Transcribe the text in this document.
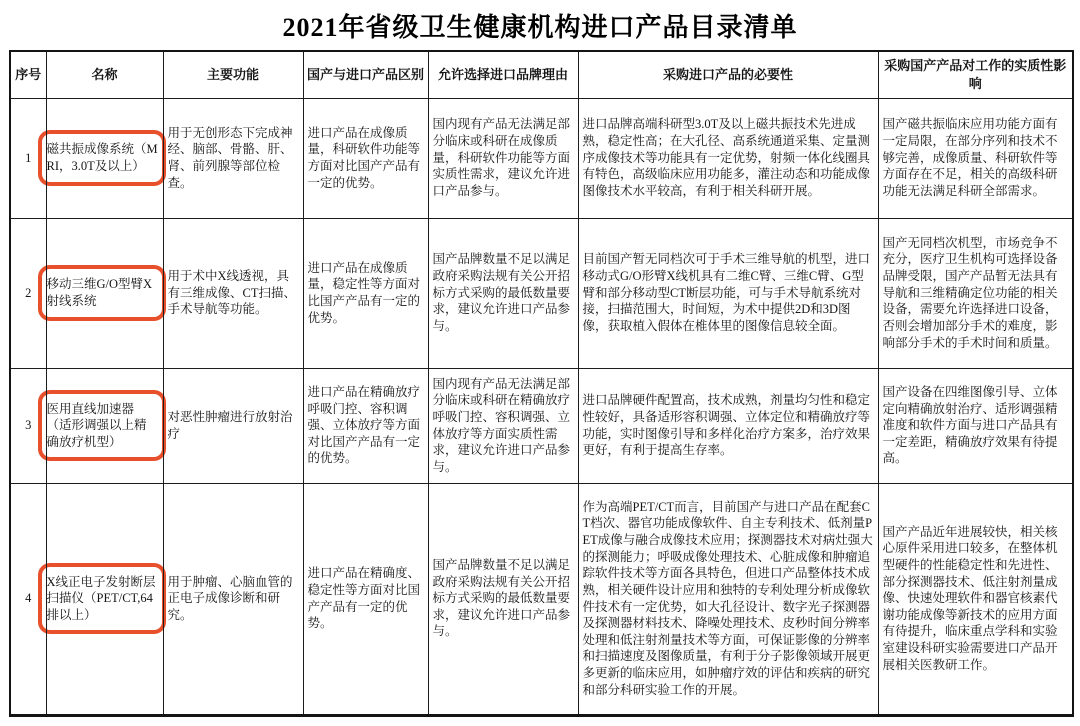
2021年省级卫生健康机构进口产品目录清单
序号	名称	主要功能	国产与进口产品区别	允许选择进口品牌理由	采购进口产品的必要性	采购国产产品对工作的实质性影响
1	磁共振成像系统（MRI，3.0T及以上）	用于无创形态下完成神经、脑部、骨骼、肝、肾、前列腺等部位检查。	进口产品在成像质量，科研软件功能等方面对比国产产品有一定的优势。	国内现有产品无法满足部分临床或科研在成像质量，科研软件功能等方面实质性需求，建议允许进口产品参与。	进口品牌高端科研型3.0T及以上磁共振技术先进成熟，稳定性高；在大孔径、高系统通道采集、定量测序成像技术等功能具有一定优势，射频一体化线圈具有特色，高级临床应用功能多，灌注动态和功能成像图像技术水平较高，有利于相关科研开展。	国产磁共振临床应用功能方面有一定局限，在部分序列和技术不够完善，成像质量、科研软件等方面存在不足，相关的高级科研功能无法满足科研全部需求。
2	移动三维G/O型臂X射线系统	用于术中X线透视，具有三维成像、CT扫描、手术导航等功能。	进口产品在成像质量，稳定性等方面对比国产产品有一定的优势。	国产品牌数量不足以满足政府采购法规有关公开招标方式采购的最低数量要求，建议允许进口产品参与。	目前国产暂无同档次可于手术三维导航的机型，进口移动式G/O形臂X线机具有二维C臂、三维C臂、G型臂和部分移动型CT断层功能，可与手术导航系统对接，扫描范围大，时间短，为术中提供2D和3D图像，获取植入假体在椎体里的图像信息较全面。	国产无同档次机型，市场竞争不充分，医疗卫生机构可选择设备品牌受限，国产产品暂无法具有导航和三维精确定位功能的相关设备，需要允许选择进口设备，否则会增加部分手术的难度，影响部分手术的手术时间和质量。
3	医用直线加速器（适形调强以上精确放疗机型）	对恶性肿瘤进行放射治疗	进口产品在精确放疗呼吸门控、容积调强、立体放疗等方面对比国产产品有一定的优势。	国内现有产品无法满足部分临床或科研在精确放疗呼吸门控、容积调强、立体放疗等方面实质性需求，建议允许进口产品参与。	进口品牌硬件配置高，技术成熟，剂量均匀性和稳定性较好，具备适形容积调强、立体定位和精确放疗等功能，实时图像引导和多样化治疗方案多，治疗效果更好，有利于提高生存率。	国产设备在四维图像引导、立体定向精确放射治疗、适形调强精准度和软件方面与进口产品具有一定差距，精确放疗效果有待提高。
4	X线正电子发射断层扫描仪（PET/CT,64排以上）	用于肿瘤、心脑血管的正电子成像诊断和研究。	进口产品在精确度、稳定性等方面对比国产产品有一定的优势。	国产品牌数量不足以满足政府采购法规有关公开招标方式采购的最低数量要求，建议允许进口产品参与。	作为高端PET/CT而言，目前国产与进口产品在配套CT档次、器官功能成像软件、自主专利技术、低剂量PET成像与融合成像技术应用；探测器技术对病灶强大的探测能力；呼吸成像处理技术、心脏成像和肿瘤追踪软件技术等方面各具特色，但进口产品整体技术成熟，相关硬件设计应用和独特的专利处理分析成像软件技术有一定优势，如大孔径设计、数字光子探测器及探测器材料技术、降噪处理技术、皮秒时间分辨率处理和低注射剂量技术等方面，可保证影像的分辨率和扫描速度及图像质量，有利于分子影像领域开展更多更新的临床应用，如肿瘤疗效的评估和疾病的研究和部分科研实验工作的开展。	国产产品近年进展较快，相关核心原件采用进口较多，在整体机型硬件的性能稳定性和先进性、部分探测器技术、低注射剂量成像、快速处理软件和器官核素代谢功能成像等新技术的应用方面有待提升，临床重点学科和实验室建设科研实验需要进口产品开展相关医教研工作。
